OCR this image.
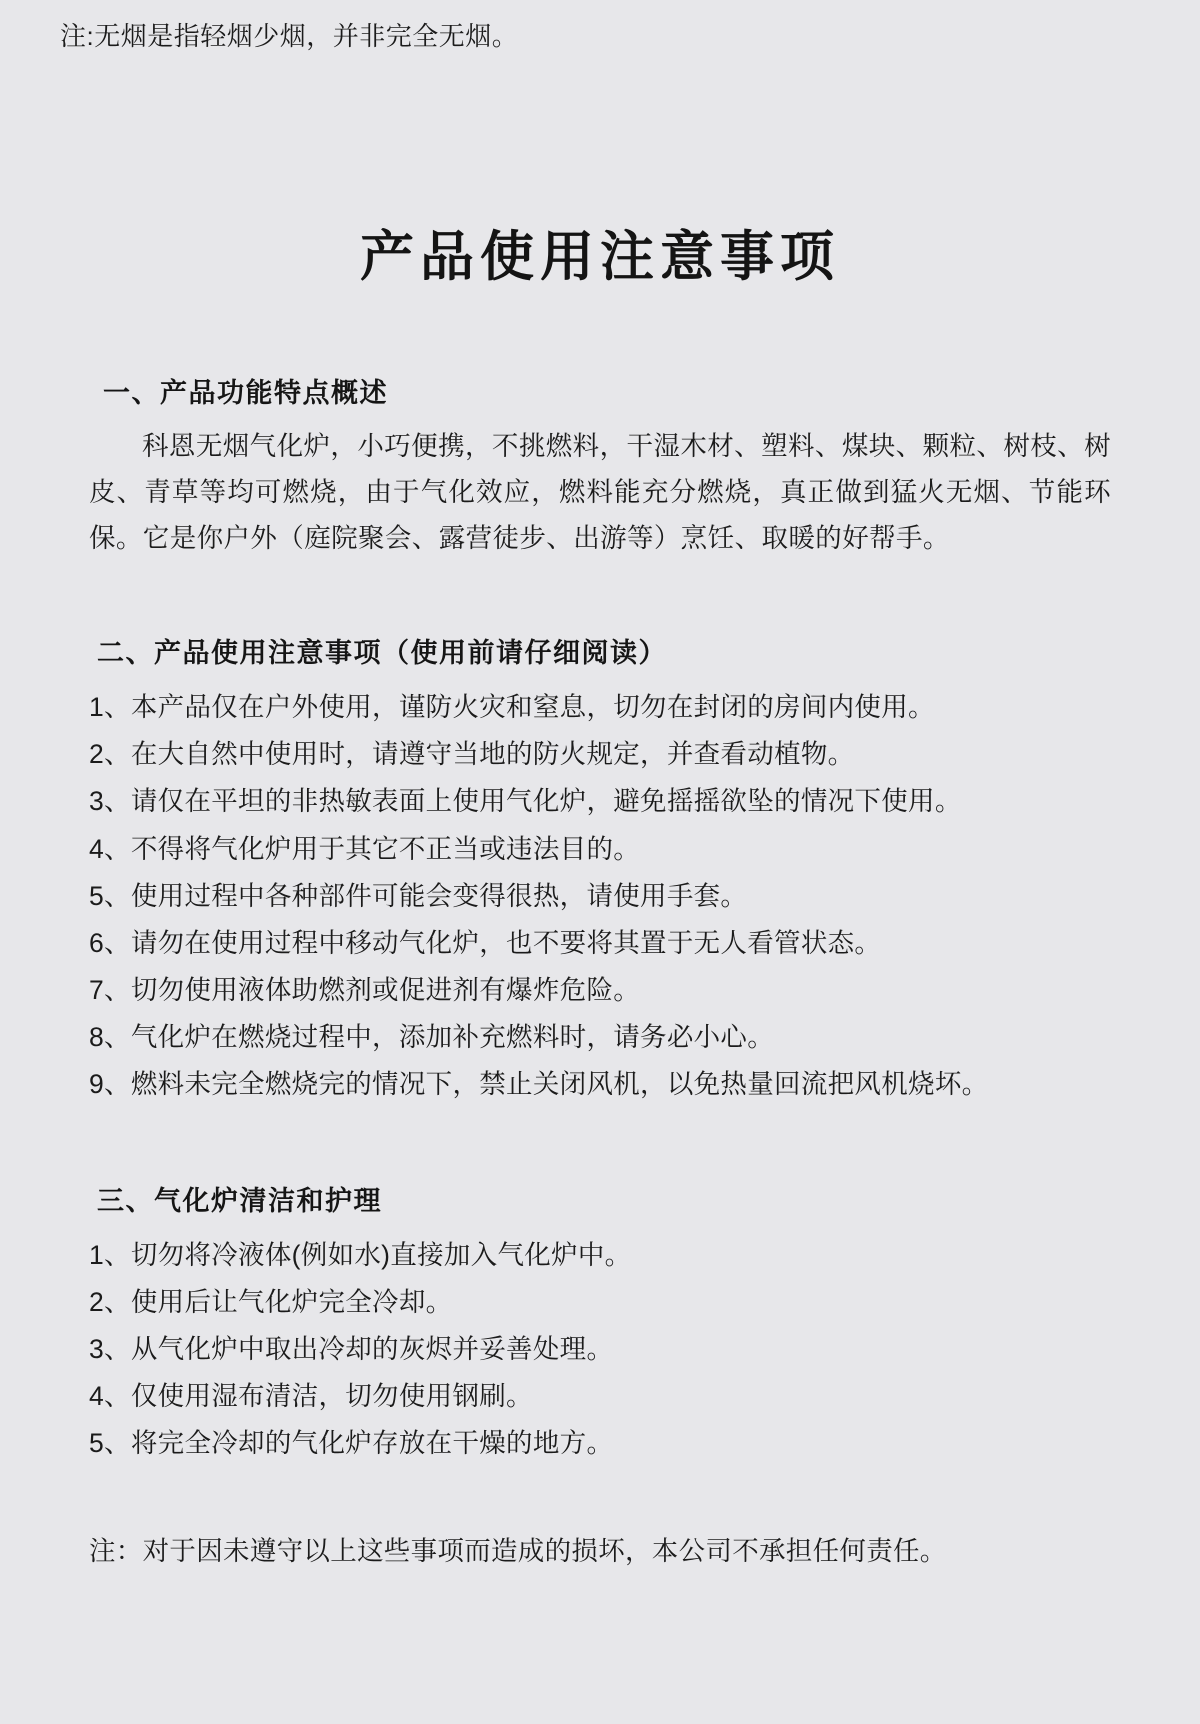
注:无烟是指轻烟少烟，并非完全无烟。
产品使用注意事项
一、产品功能特点概述

科恩无烟气化炉，小巧便携，不挑燃料，干湿木材、塑料、煤块、颗粒、树枝、树皮、青草等均可燃烧，由于气化效应，燃料能充分燃烧，真正做到猛火无烟、节能环保。它是你户外（庭院聚会、露营徒步、出游等）烹饪、取暖的好帮手。

二、产品使用注意事项（使用前请仔细阅读）
1、本产品仅在户外使用，谨防火灾和窒息，切勿在封闭的房间内使用。
2、在大自然中使用时，请遵守当地的防火规定，并查看动植物。
3、请仅在平坦的非热敏表面上使用气化炉，避免摇摇欲坠的情况下使用。
4、不得将气化炉用于其它不正当或违法目的。
5、使用过程中各种部件可能会变得很热，请使用手套。
6、请勿在使用过程中移动气化炉，也不要将其置于无人看管状态。
7、切勿使用液体助燃剂或促进剂有爆炸危险。
8、气化炉在燃烧过程中，添加补充燃料时，请务必小心。
9、燃料未完全燃烧完的情况下，禁止关闭风机，以免热量回流把风机烧坏。
三、气化炉清洁和护理
1、切勿将冷液体(例如水)直接加入气化炉中。
2、使用后让气化炉完全冷却。
3、从气化炉中取出冷却的灰烬并妥善处理。
4、仅使用湿布清洁，切勿使用钢刷。
5、将完全冷却的气化炉存放在干燥的地方。
注：对于因未遵守以上这些事项而造成的损坏，本公司不承担任何责任。
